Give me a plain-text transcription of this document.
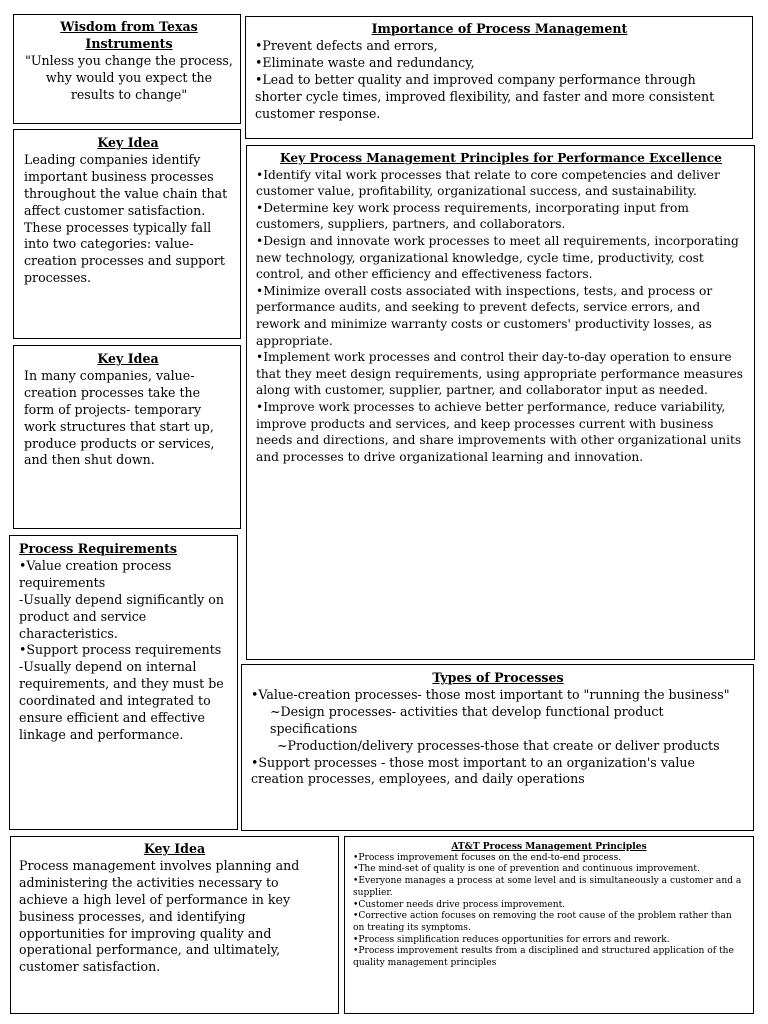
Wisdom from Texas Instruments

"Unless you change the process, why would you expect the results to change"

Importance of Process Management

•Prevent defects and errors,

•Eliminate waste and redundancy,

•Lead to better quality and improved company performance through shorter cycle times, improved flexibility, and faster and more consistent customer response.

Key Idea

Leading companies identify important business processes throughout the value chain that affect customer satisfaction. These processes typically fall into two categories: value-creation processes and support processes.

Key Process Management Principles for Performance Excellence

•Identify vital work processes that relate to core competencies and deliver customer value, profitability, organizational success, and sustainability.

•Determine key work process requirements, incorporating input from customers, suppliers, partners, and collaborators.

•Design and innovate work processes to meet all requirements, incorporating new technology, organizational knowledge, cycle time, productivity, cost control, and other efficiency and effectiveness factors.

•Minimize overall costs associated with inspections, tests, and process or performance audits, and seeking to prevent defects, service errors, and rework and minimize warranty costs or customers' productivity losses, as appropriate.

•Implement work processes and control their day-to-day operation to ensure that they meet design requirements, using appropriate performance measures along with customer, supplier, partner, and collaborator input as needed.

•Improve work processes to achieve better performance, reduce variability, improve products and services, and keep processes current with business needs and directions, and share improvements with other organizational units and processes to drive organizational learning and innovation.

Key Idea

In many companies, value-creation processes take the form of projects- temporary work structures that start up, produce products or services, and then shut down.

Process Requirements

•Value creation process requirements

-Usually depend significantly on product and service characteristics.

•Support process requirements

-Usually depend on internal requirements, and they must be coordinated and integrated to ensure efficient and effective linkage and performance.

Types of Processes

•Value-creation processes- those most important to "running the business"

~Design processes- activities that develop functional product specifications

~Production/delivery processes-those that create or deliver products

•Support processes - those most important to an organization's value creation processes, employees, and daily operations

Key Idea

Process management involves planning and administering the activities necessary to achieve a high level of performance in key business processes, and identifying opportunities for improving quality and operational performance, and ultimately, customer satisfaction.

AT&T Process Management Principles

•Process improvement focuses on the end-to-end process.

•The mind-set of quality is one of prevention and continuous improvement.

•Everyone manages a process at some level and is simultaneously a customer and a supplier.

•Customer needs drive process improvement.

•Corrective action focuses on removing the root cause of the problem rather than on treating its symptoms.

•Process simplification reduces opportunities for errors and rework.

•Process improvement results from a disciplined and structured application of the quality management principles
